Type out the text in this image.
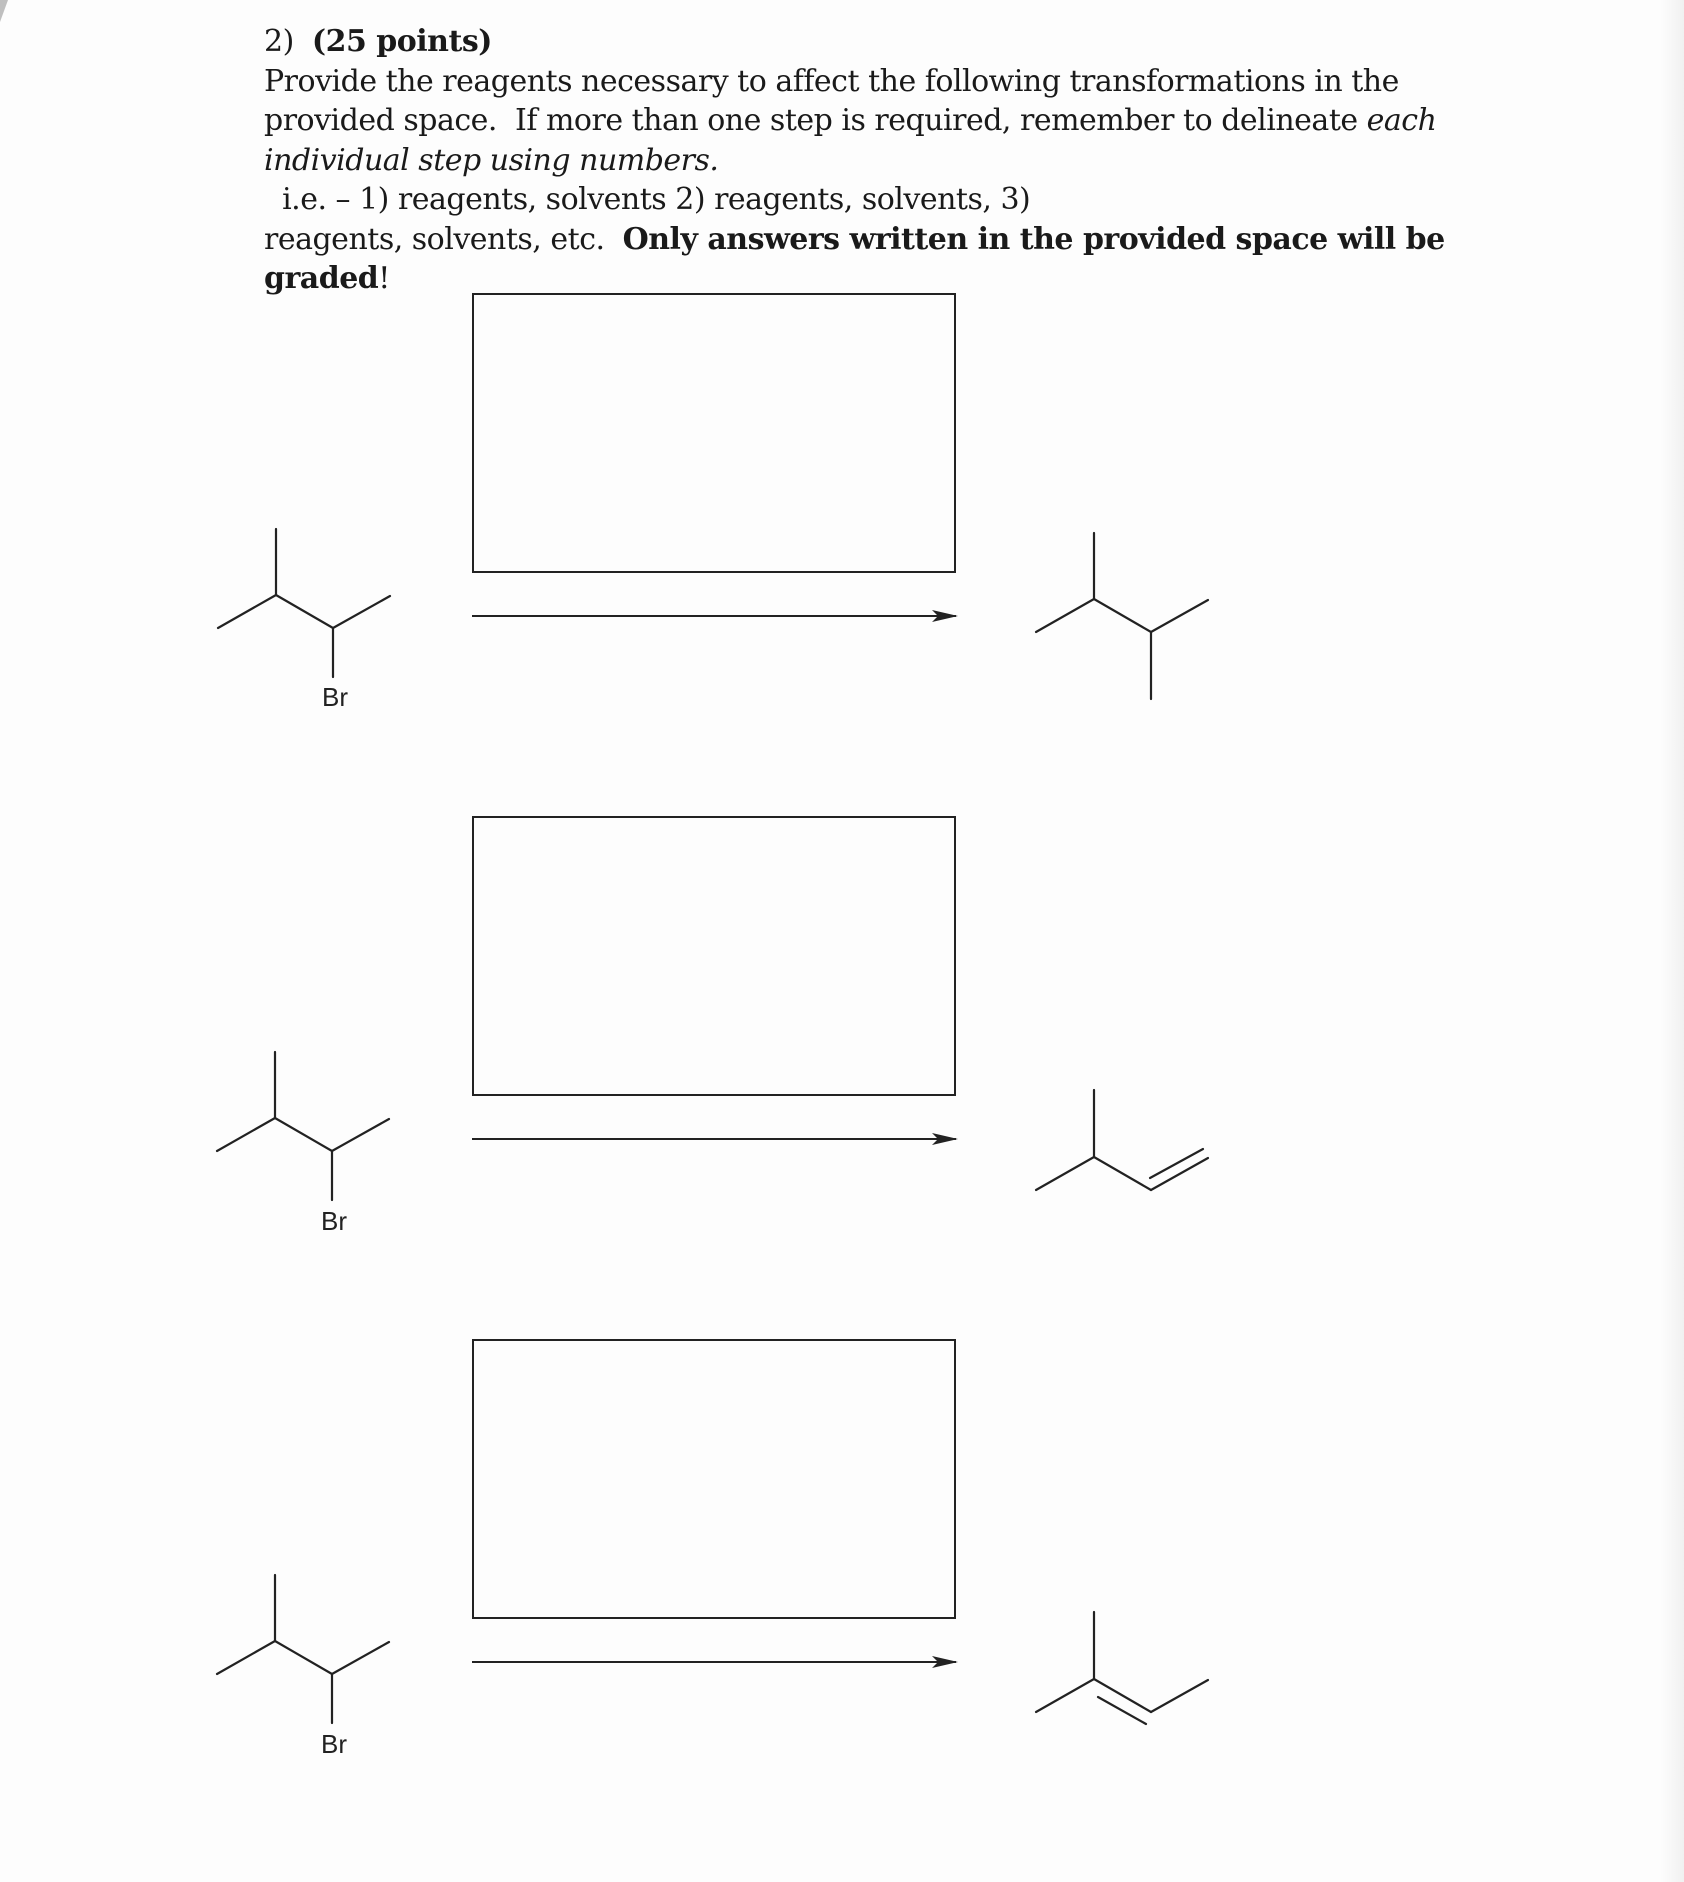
2) (25 points)

Provide the reagents necessary to affect the following transformations in the

provided space.  If more than one step is required, remember to delineate each

individual step using numbers.  i.e. – 1) reagents, solvents 2) reagents, solvents, 3)

reagents, solvents, etc.  Only answers written in the provided space will be

graded!

Br
Br
Br
